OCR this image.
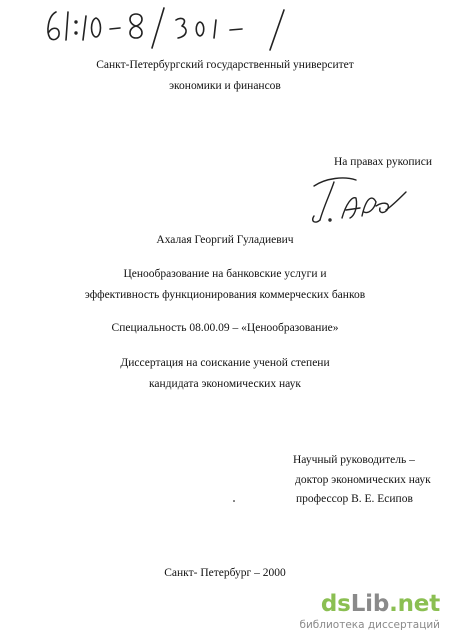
Санкт-Петербургский государственный университет
экономики и финансов
На правах рукописи
Ахалая Георгий Гуладиевич
Ценообразование на банковские услуги и
эффективность функционирования коммерческих банков
Специальность 08.00.09 – «Ценообразование»
Диссертация на соискание ученой степени
кандидата экономических наук
Научный руководитель –
доктор экономических наук
профессор В. Е. Есипов
Санкт- Петербург – 2000
dsLib.net
библиотека диссертаций
